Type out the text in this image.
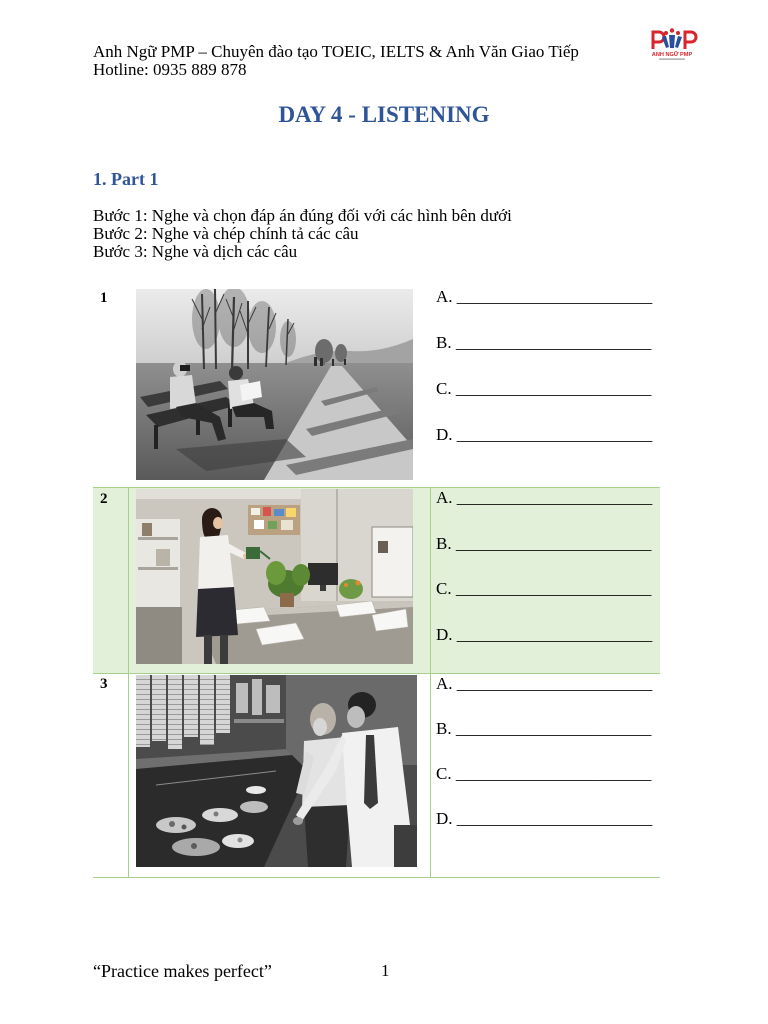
Anh Ngữ PMP – Chuyên đào tạo TOEIC, IELTS & Anh Văn Giao Tiếp
Hotline: 0935 889 878
ANH NGỮ PMP
DAY 4 - LISTENING
1. Part 1
Bước 1: Nghe và chọn đáp án đúng đối với các hình bên dưới
Bước 2: Nghe và chép chính tả các câu
Bước 3: Nghe và dịch các câu
1	A. _______________________
B. _______________________
C. _______________________
D. _______________________
2	A. _______________________
B. _______________________
C. _______________________
D. _______________________
3	A. _______________________
B. _______________________
C. _______________________
D. _______________________
“Practice makes perfect”	1
